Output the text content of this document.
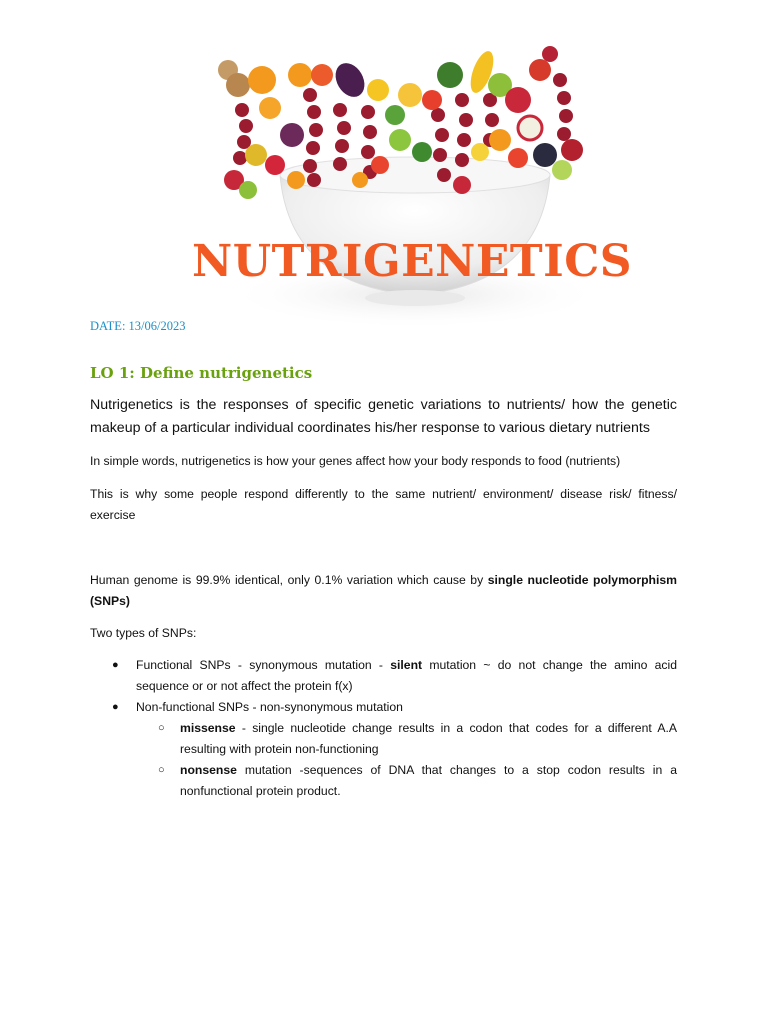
NUTRIGENETICS
DATE: 13/06/2023
LO 1: Define nutrigenetics

Nutrigenetics is the responses of specific genetic variations to nutrients/ how the genetic makeup of a particular individual coordinates his/her response to various dietary nutrients

In simple words, nutrigenetics is how your genes affect how your body responds to food (nutrients)

This is why some people respond differently to the same nutrient/ environment/ disease risk/ fitness/ exercise

Human genome is 99.9% identical, only 0.1% variation which cause by single nucleotide polymorphism (SNPs)

Two types of SNPs:

● Functional SNPs - synonymous mutation - silent mutation ~ do not change the amino acid sequence or or not affect the protein f(x)
● Non-functional SNPs - non-synonymous mutation
○ missense - single nucleotide change results in a codon that codes for a different A.A resulting with protein non-functioning
○ nonsense mutation -sequences of DNA that changes to a stop codon results in a nonfunctional protein product.
